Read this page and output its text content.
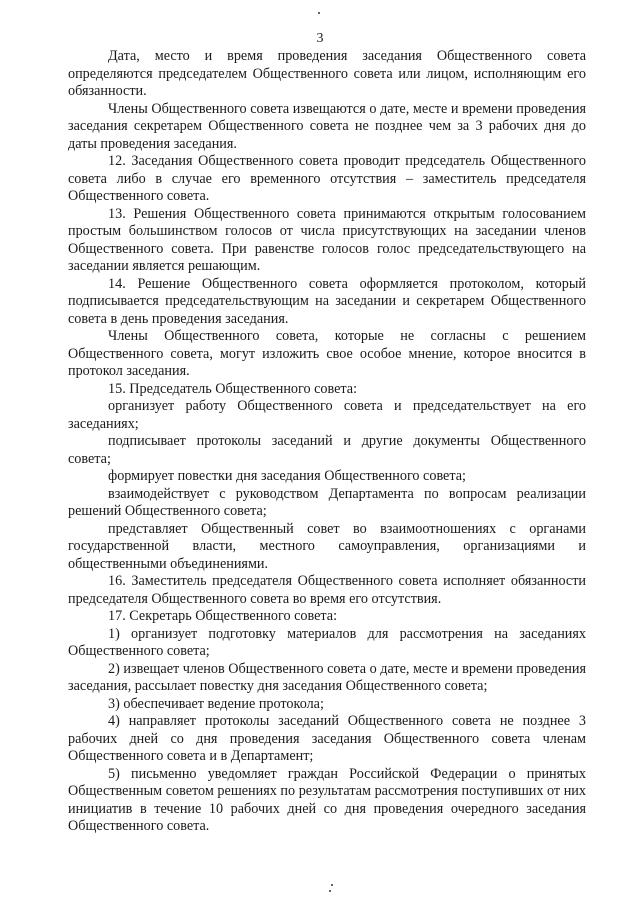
3

Дата, место и время проведения заседания Общественного совета определяются председателем Общественного совета или лицом, исполняющим его обязанности.

Члены Общественного совета извещаются о дате, месте и времени проведения заседания секретарем Общественного совета не позднее чем за 3 рабочих дня до даты проведения заседания.

12. Заседания Общественного совета проводит председатель Общественного совета либо в случае его временного отсутствия – заместитель председателя Общественного совета.

13. Решения Общественного совета принимаются открытым голосованием простым большинством голосов от числа присутствующих на заседании членов Общественного совета. При равенстве голосов голос председательствующего на заседании является решающим.

14. Решение Общественного совета оформляется протоколом, который подписывается председательствующим на заседании и секретарем Общественного совета в день проведения заседания.

Члены Общественного совета, которые не согласны с решением Общественного совета, могут изложить свое особое мнение, которое вносится в протокол заседания.

15. Председатель Общественного совета:

организует работу Общественного совета и председательствует на его заседаниях;

подписывает протоколы заседаний и другие документы Общественного совета;

формирует повестки дня заседания Общественного совета;

взаимодействует с руководством Департамента по вопросам реализации решений Общественного совета;

представляет Общественный совет во взаимоотношениях с органами государственной власти, местного самоуправления, организациями и общественными объединениями.

16. Заместитель председателя Общественного совета исполняет обязанности председателя Общественного совета во время его отсутствия.

17. Секретарь Общественного совета:

1) организует подготовку материалов для рассмотрения на заседаниях Общественного совета;

2) извещает членов Общественного совета о дате, месте и времени проведения заседания, рассылает повестку дня заседания Общественного совета;

3) обеспечивает ведение протокола;

4) направляет протоколы заседаний Общественного совета не позднее 3 рабочих дней со дня проведения заседания Общественного совета членам Общественного совета и в Департамент;

5) письменно уведомляет граждан Российской Федерации о принятых Общественным советом решениях по результатам рассмотрения поступивших от них инициатив в течение 10 рабочих дней со дня проведения очередного заседания Общественного совета.
